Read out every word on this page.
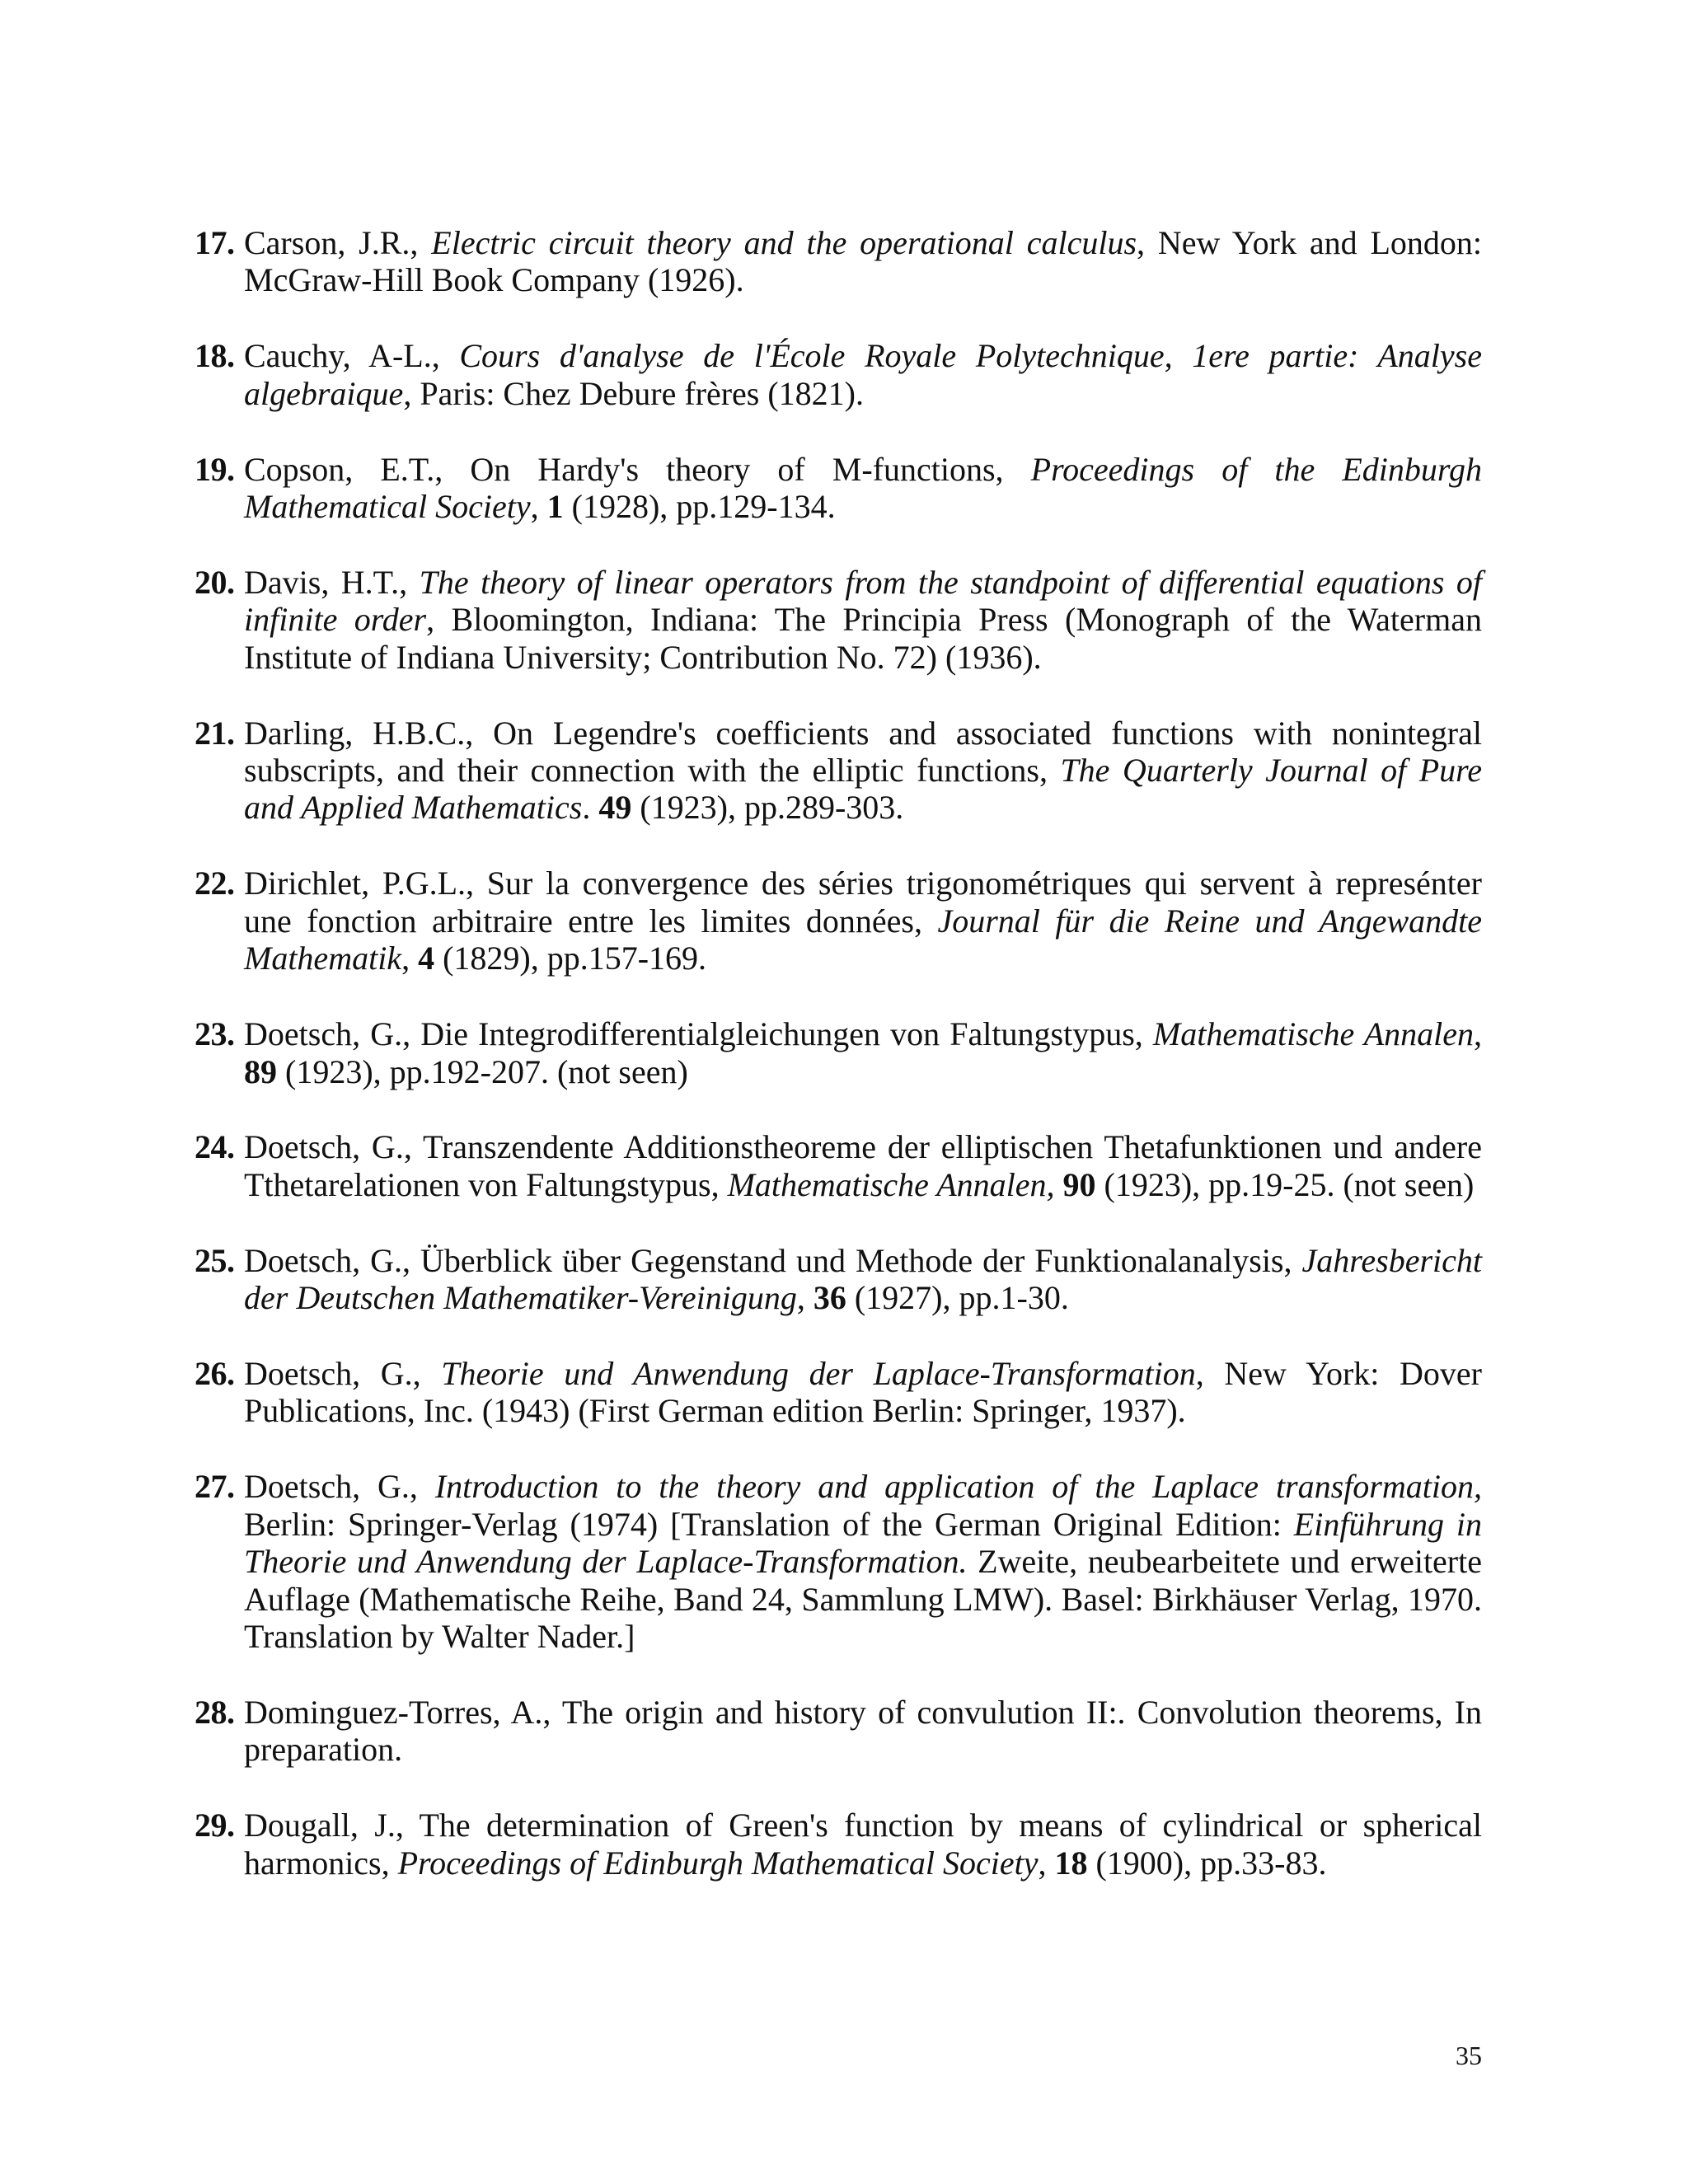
17 . Carson, J.R., Electric circuit theory and the operational calculus, New York and London: McGraw-Hill Book Company (1926).
18 . Cauchy, A-L., Cours d'analyse de l'École Royale Polytechnique, 1ere partie: Analyse algebraique, Paris: Chez Debure frères (1821).
19 . Copson, E.T., On Hardy's theory of M-functions, Proceedings of the Edinburgh Mathematical Society, 1 (1928), pp.129-134.
20 . Davis, H.T., The theory of linear operators from the standpoint of differential equations of infinite order, Bloomington, Indiana: The Principia Press (Monograph of the Waterman Institute of Indiana University; Contribution No. 72) (1936).
21 . Darling, H.B.C., On Legendre's coefficients and associated functions with nonintegral subscripts, and their connection with the elliptic functions, The Quarterly Journal of Pure and Applied Mathematics. 49 (1923), pp.289-303.
22 . Dirichlet, P.G.L., Sur la convergence des séries trigonométriques qui servent à represénter une fonction arbitraire entre les limites données, Journal für die Reine und Angewandte Mathematik, 4 (1829), pp.157-169.
23 . Doetsch, G., Die Integrodifferentialgleichungen von Faltungstypus, Mathematische Annalen, 89 (1923), pp.192-207. (not seen)
24 . Doetsch, G., Transzendente Additionstheoreme der elliptischen Thetafunktionen und andere Tthetarelationen von Faltungstypus, Mathematische Annalen, 90 (1923), pp.19-25. (not seen)
25 . Doetsch, G., Überblick über Gegenstand und Methode der Funktionalanalysis, Jahresbericht der Deutschen Mathematiker-Vereinigung, 36 (1927), pp.1-30.
26 . Doetsch, G., Theorie und Anwendung der Laplace-Transformation, New York: Dover Publications, Inc. (1943) (First German edition Berlin: Springer, 1937).
27 . Doetsch, G., Introduction to the theory and application of the Laplace transformation, Berlin: Springer-Verlag (1974) [Translation of the German Original Edition: Einführung in Theorie und Anwendung der Laplace-Transformation. Zweite, neubearbeitete und erweiterte Auflage (Mathematische Reihe, Band 24, Sammlung LMW). Basel: Birkhäuser Verlag, 1970. Translation by Walter Nader.]
28 . Dominguez-Torres, A., The origin and history of convulution II:. Convolution theorems, In preparation.
29 . Dougall, J., The determination of Green's function by means of cylindrical or spherical harmonics, Proceedings of Edinburgh Mathematical Society, 18 (1900), pp.33-83.
35
